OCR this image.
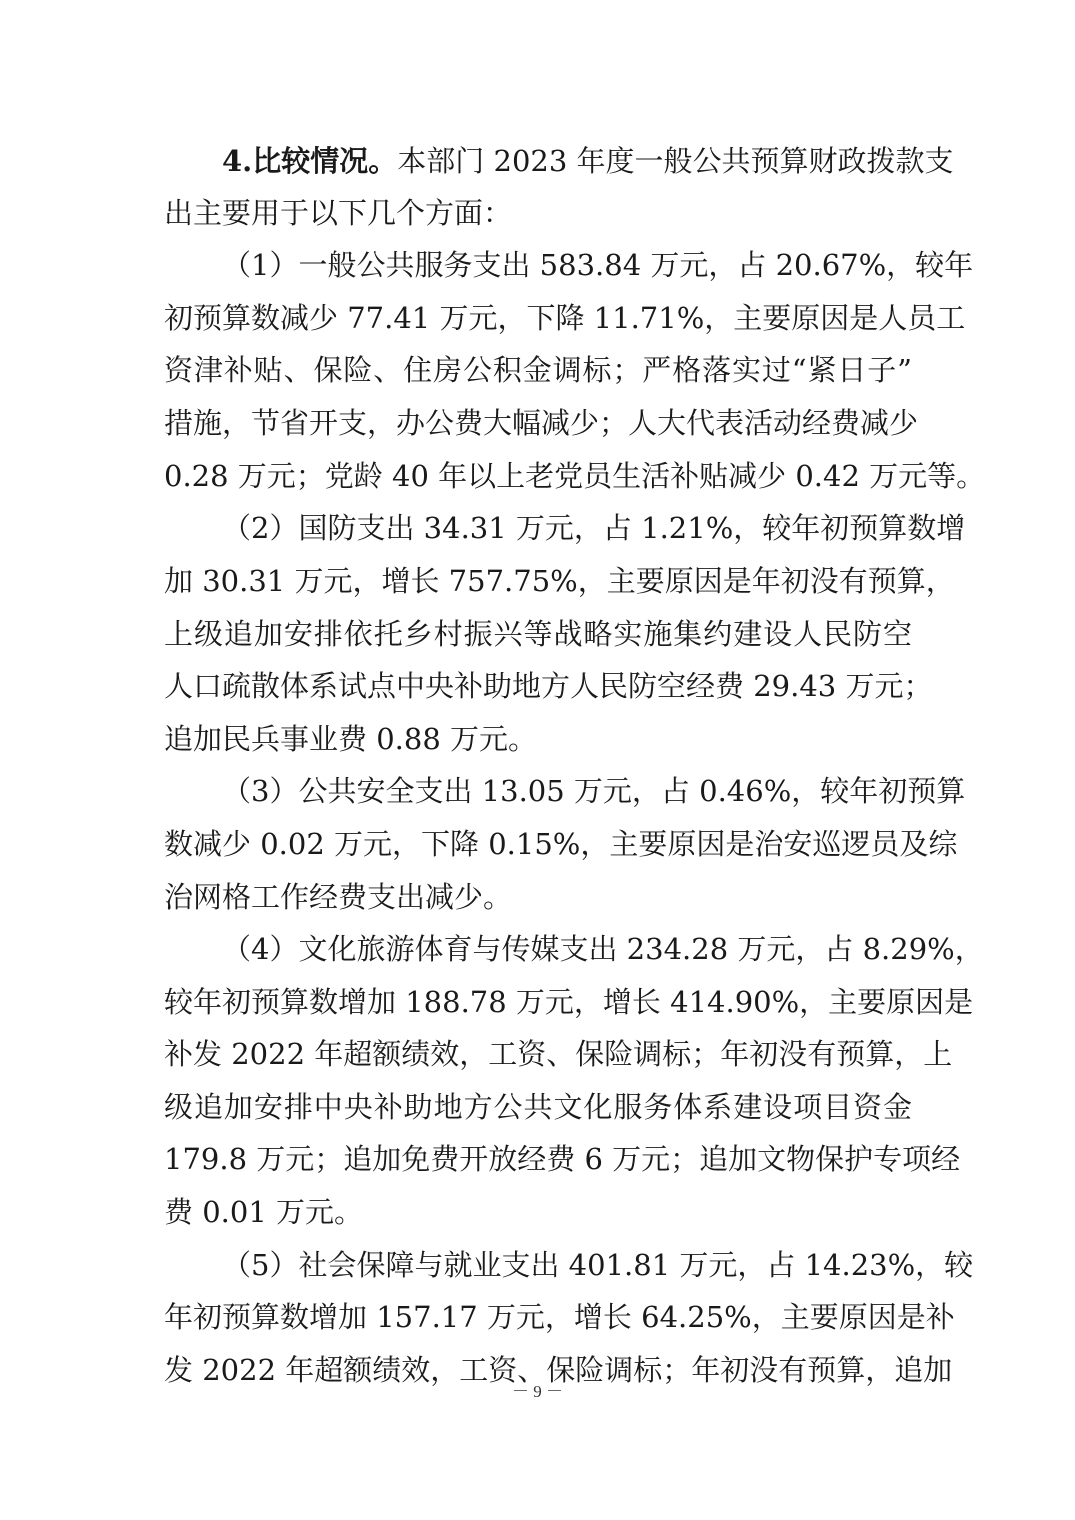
4.比较情况。本部门 2023 年度一般公共预算财政拨款支
出主要用于以下几个方面：
（1）一般公共服务支出 583.84 万元，占 20.67%，较年
初预算数减少 77.41 万元，下降 11.71%，主要原因是人员工
资津补贴、保险、住房公积金调标；严格落实过“紧日子”
措施，节省开支，办公费大幅减少；人大代表活动经费减少
0.28 万元；党龄 40 年以上老党员生活补贴减少 0.42 万元等。
（2）国防支出 34.31 万元，占 1.21%，较年初预算数增
加 30.31 万元，增长 757.75%，主要原因是年初没有预算，
上级追加安排依托乡村振兴等战略实施集约建设人民防空
人口疏散体系试点中央补助地方人民防空经费 29.43 万元；
追加民兵事业费 0.88 万元。
（3）公共安全支出 13.05 万元，占 0.46%，较年初预算
数减少 0.02 万元，下降 0.15%，主要原因是治安巡逻员及综
治网格工作经费支出减少。
（4）文化旅游体育与传媒支出 234.28 万元，占 8.29%，
较年初预算数增加 188.78 万元，增长 414.90%，主要原因是
补发 2022 年超额绩效，工资、保险调标；年初没有预算，上
级追加安排中央补助地方公共文化服务体系建设项目资金
179.8 万元；追加免费开放经费 6 万元；追加文物保护专项经
费 0.01 万元。
（5）社会保障与就业支出 401.81 万元，占 14.23%，较
年初预算数增加 157.17 万元，增长 64.25%，主要原因是补
发 2022 年超额绩效，工资、保险调标；年初没有预算，追加
－ 9 －
